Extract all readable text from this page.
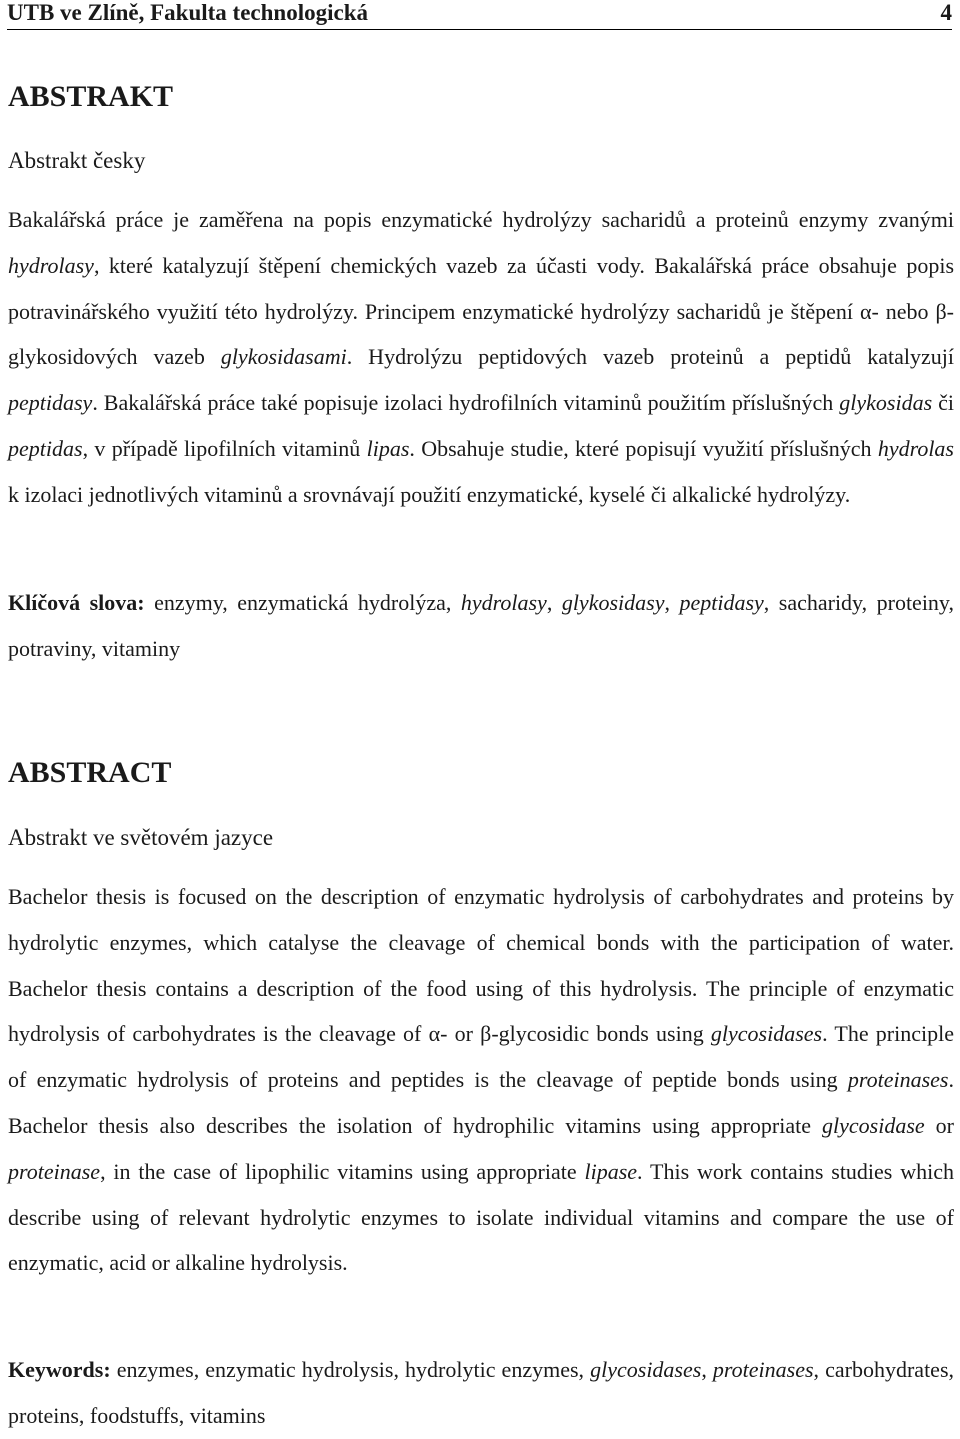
UTB ve Zlíně, Fakulta technologická	4
ABSTRAKT
Abstrakt česky

Bakalářská práce je zaměřena na popis enzymatické hydrolýzy sacharidů a proteinů enzymy zvanými hydrolasy, které katalyzují štěpení chemických vazeb za účasti vody. Bakalářská práce obsahuje popis potravinářského využití této hydrolýzy. Principem enzymatické hydrolýzy sacharidů je štěpení α- nebo β-glykosidových vazeb glykosidasami. Hydrolýzu peptidových vazeb proteinů a peptidů katalyzují peptidasy. Bakalářská práce také popisuje izolaci hydrofilních vitaminů použitím příslušných glykosidas či peptidas, v případě lipofilních vitaminů lipas. Obsahuje studie, které popisují využití příslušných hydrolas k izolaci jednotlivých vitaminů a srovnávají použití enzymatické, kyselé či alkalické hydrolýzy.

Klíčová slova: enzymy, enzymatická hydrolýza, hydrolasy, glykosidasy, peptidasy, sacharidy, proteiny, potraviny, vitaminy

ABSTRACT
Abstrakt ve světovém jazyce

Bachelor thesis is focused on the description of enzymatic hydrolysis of carbohydrates and proteins by hydrolytic enzymes, which catalyse the cleavage of chemical bonds with the participation of water. Bachelor thesis contains a description of the food using of this hydrolysis. The principle of enzymatic hydrolysis of carbohydrates is the cleavage of α- or β-glycosidic bonds using glycosidases. The principle of enzymatic hydrolysis of proteins and peptides is the cleavage of peptide bonds using proteinases. Bachelor thesis also describes the isolation of hydrophilic vitamins using appropriate glycosidase or proteinase, in the case of lipophilic vitamins using appropriate lipase. This work contains studies which describe using of relevant hydrolytic enzymes to isolate individual vitamins and compare the use of enzymatic, acid or alkaline hydrolysis.

Keywords: enzymes, enzymatic hydrolysis, hydrolytic enzymes, glycosidases, proteinases, carbohydrates, proteins, foodstuffs, vitamins
